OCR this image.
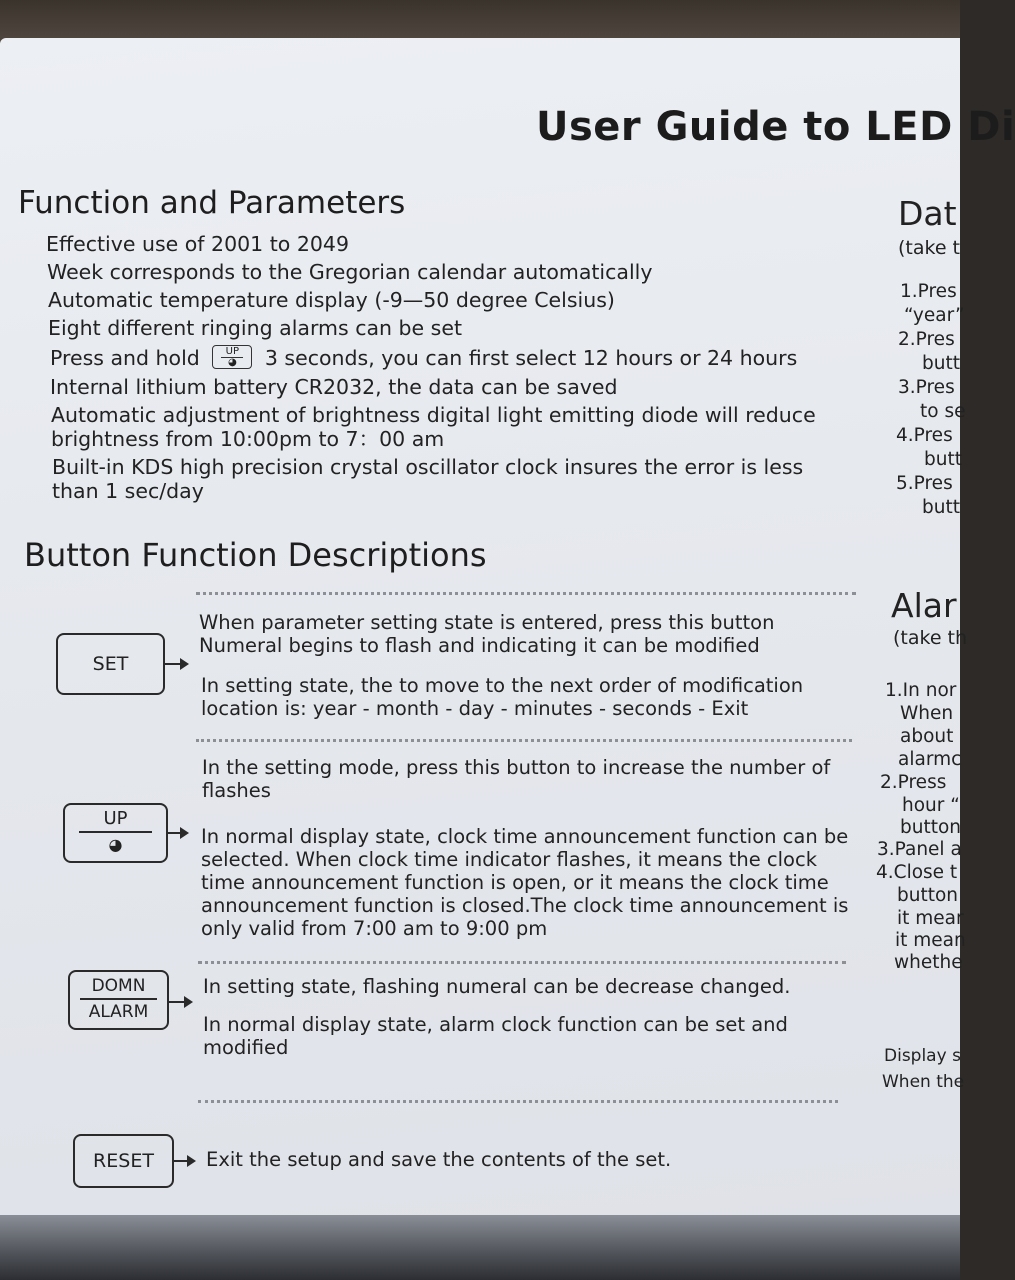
User Guide to LED Di
Function and Parameters
Effective use of 2001 to 2049
Week corresponds to the Gregorian calendar automatically
Automatic temperature display (-9—50 degree Celsius)
Eight different ringing alarms can be set
Press and hold	UP
◕ 3 seconds, you can first select 12 hours or 24 hours
Internal lithium battery CR2032, the data can be saved
Automatic adjustment of brightness digital light emitting diode will reduce brightness from 10:00pm to 7：00 am
Built-in KDS high precision crystal oscillator clock insures the error is less than 1 sec/day
Button Function Descriptions
SET
When parameter setting state is entered, press this button Numeral begins to flash and indicating it can be modified
In setting state, the to move to the next order of modification location is: year - month - day - minutes - seconds - Exit
UP
◕
In the setting mode, press this button to increase the number of flashes
In normal display state, clock time announcement function can be selected. When clock time indicator flashes, it means the clock time announcement function is open, or it means the clock time announcement function is closed.The clock time announcement is only valid from 7:00 am to 9:00 pm
DOMN
ALARM
In setting state, flashing numeral can be decrease changed.
In normal display state, alarm clock function can be set and modified
RESET	Exit the setup and save the contents of the set.
Dat
(take t
1.Pres
“year”
2.Pres
butt
3.Pres
to se
4.Pres
butt
5.Pres
butt
Alar
(take th
1.In nor
When
about
alarmc
2.Press
hour “
button
3.Panel a
4.Close t
button
it mear
it mean
whethe
Display s
When the
